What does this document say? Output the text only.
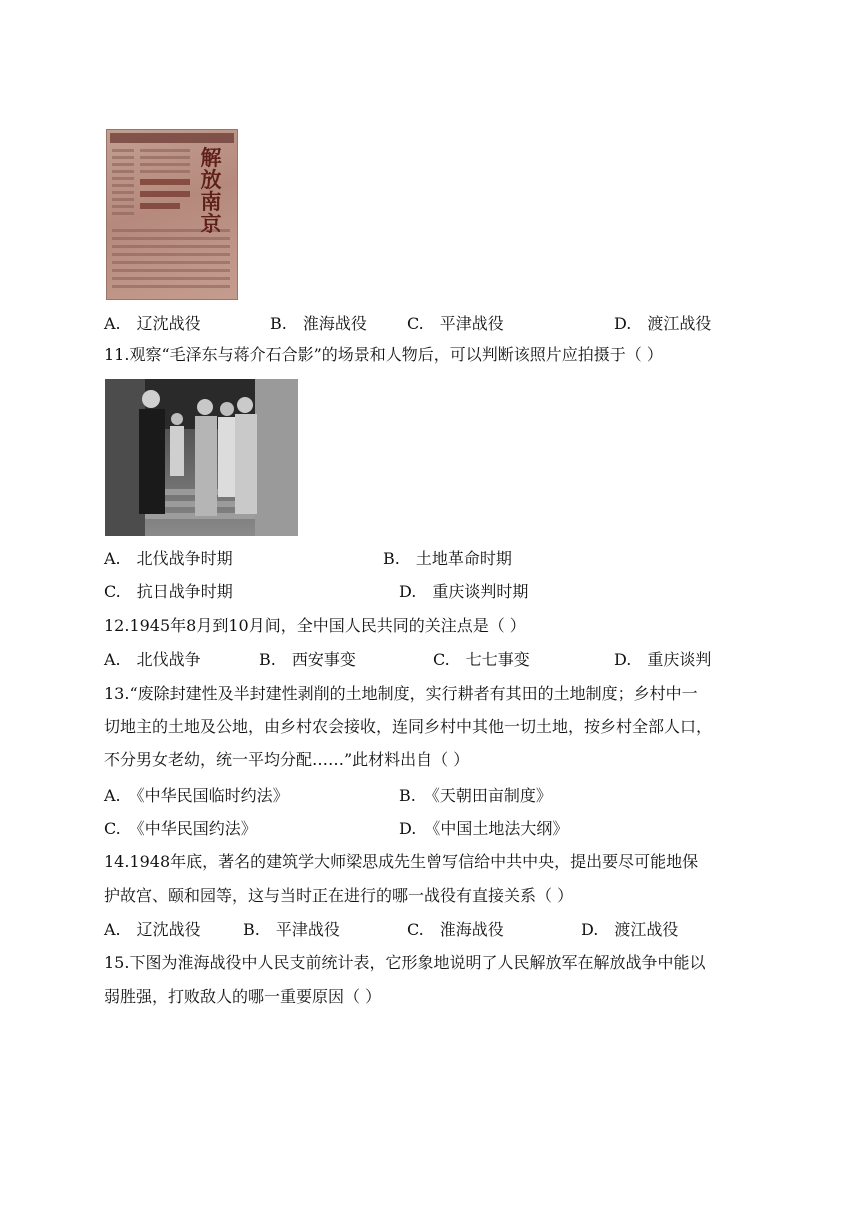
解放南京
A.　辽沈战役	B.　淮海战役	C.　平津战役	D.　渡江战役
11.观察“毛泽东与蒋介石合影”的场景和人物后，可以判断该照片应拍摄于（ ）
A.　北伐战争时期	B.　土地革命时期
C.　抗日战争时期	D.　重庆谈判时期
12.1945年8月到10月间，全中国人民共同的关注点是（ ）
A.　北伐战争	B.　西安事变	C.　七七事变	D.　重庆谈判
13.“废除封建性及半封建性剥削的土地制度，实行耕者有其田的土地制度；乡村中一
切地主的土地及公地，由乡村农会接收，连同乡村中其他一切土地，按乡村全部人口，
不分男女老幼，统一平均分配……”此材料出自（ ）
A.　《中华民国临时约法》	B.　《天朝田亩制度》
C.　《中华民国约法》	D.　《中国土地法大纲》
14.1948年底，著名的建筑学大师梁思成先生曾写信给中共中央，提出要尽可能地保
护故宫、颐和园等，这与当时正在进行的哪一战役有直接关系（ ）
A.　辽沈战役	B.　平津战役	C.　淮海战役	D.　渡江战役
15.下图为淮海战役中人民支前统计表，它形象地说明了人民解放军在解放战争中能以
弱胜强，打败敌人的哪一重要原因（ ）
